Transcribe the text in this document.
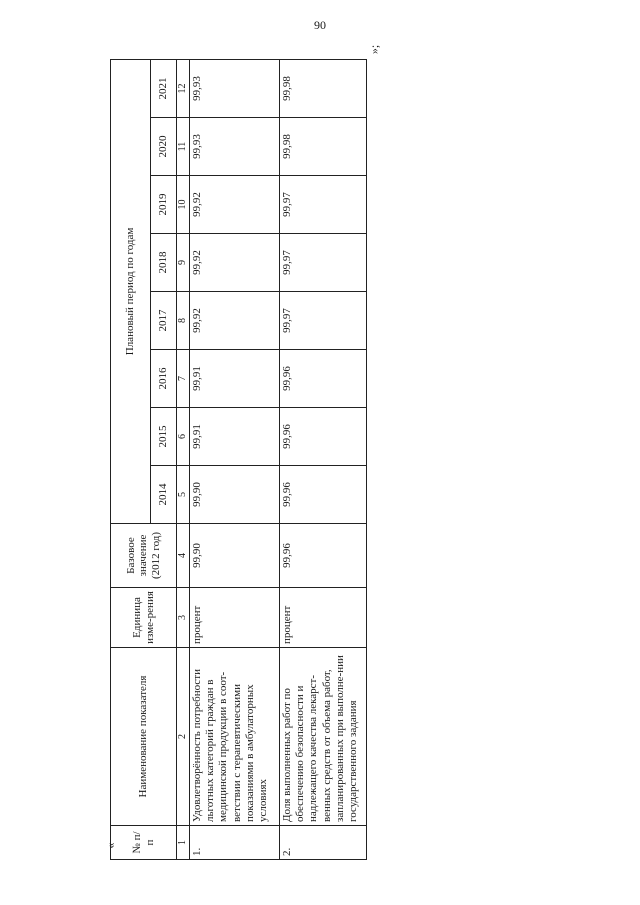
90
«
»;
№ п/п	Наименование показателя	Единица изме-рения	Базовое значение (2012 год)	Плановый период по годам							
				2014	2015	2016	2017	2018	2019	2020	2021
1	2	3	4	5	6	7	8	9	10	11	12
1.	Удовлетворённость потребности льготных категорий граждан в медицинской продукции в соот-ветствии с терапевтическими показаниями в амбулаторных условиях	процент	99,90	99,90	99,91	99,91	99,92	99,92	99,92	99,93	99,93
2.	Доля выполненных работ по обеспечению безопасности и надлежащего качества лекарст-венных средств от объема работ, запланированных при выполне-нии государственного задания	процент	99,96	99,96	99,96	99,96	99,97	99,97	99,97	99,98	99,98
